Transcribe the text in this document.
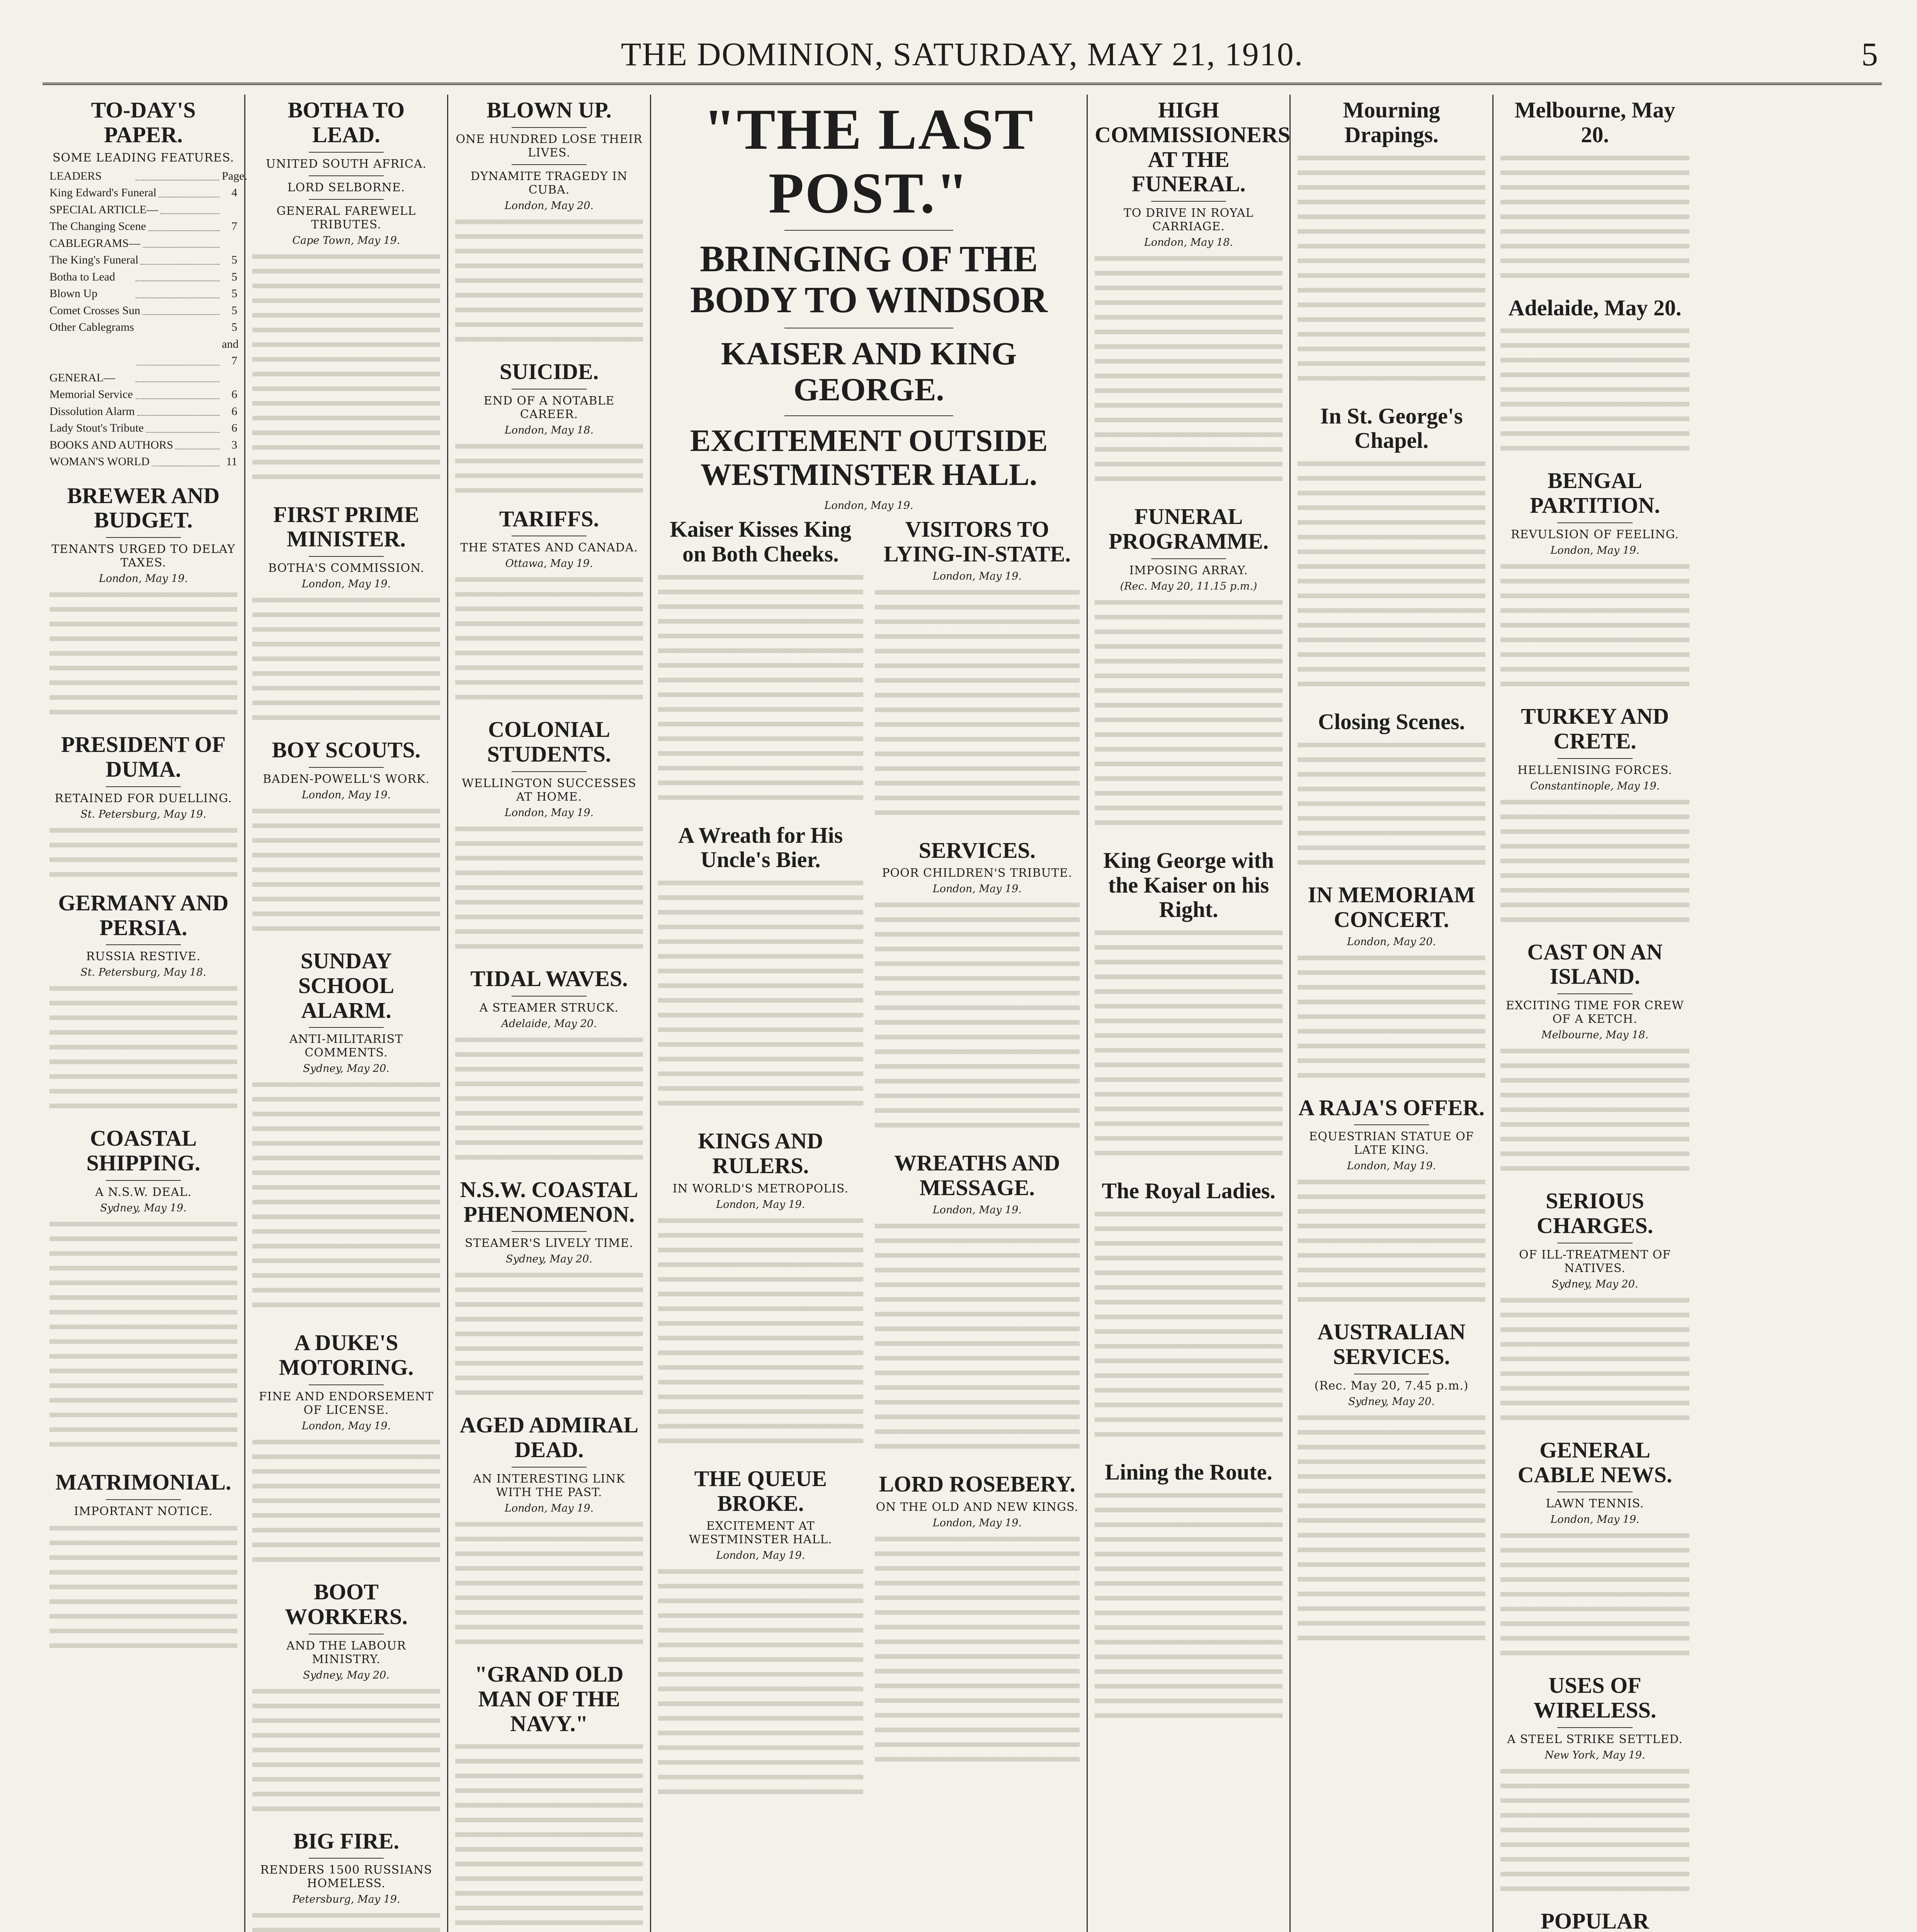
THE DOMINION, SATURDAY, MAY 21, 1910.	5
TO-DAY'S PAPER.
SOME LEADING FEATURES.
LEADERS	Page.
King Edward's Funeral	4
SPECIAL ARTICLE—
The Changing Scene	7
CABLEGRAMS—
The King's Funeral	5
Botha to Lead	5
Blown Up	5
Comet Crosses Sun	5
Other Cablegrams	5 and 7
GENERAL—
Memorial Service	6
Dissolution Alarm	6
Lady Stout's Tribute	6
BOOKS AND AUTHORS	3
WOMAN'S WORLD	11
BREWER AND BUDGET.
TENANTS URGED TO DELAY TAXES.
London, May 19.
PRESIDENT OF DUMA.
RETAINED FOR DUELLING.
St. Petersburg, May 19.
GERMANY AND PERSIA.
RUSSIA RESTIVE.
St. Petersburg, May 18.
COASTAL SHIPPING.
A N.S.W. DEAL.
Sydney, May 19.
MATRIMONIAL.
IMPORTANT NOTICE.
BOTHA TO LEAD.
UNITED SOUTH AFRICA.
LORD SELBORNE.
GENERAL FAREWELL TRIBUTES.
Cape Town, May 19.
FIRST PRIME MINISTER.
BOTHA'S COMMISSION.
London, May 19.
BOY SCOUTS.
BADEN-POWELL'S WORK.
London, May 19.
SUNDAY SCHOOL ALARM.
ANTI-MILITARIST COMMENTS.
Sydney, May 20.
A DUKE'S MOTORING.
FINE AND ENDORSEMENT OF LICENSE.
London, May 19.
BOOT WORKERS.
AND THE LABOUR MINISTRY.
Sydney, May 20.
BIG FIRE.
RENDERS 1500 RUSSIANS HOMELESS.
Petersburg, May 19.
BLOWN UP.
ONE HUNDRED LOSE THEIR LIVES.
DYNAMITE TRAGEDY IN CUBA.
London, May 20.
SUICIDE.
END OF A NOTABLE CAREER.
London, May 18.
TARIFFS.
THE STATES AND CANADA.
Ottawa, May 19.
COLONIAL STUDENTS.
WELLINGTON SUCCESSES AT HOME.
London, May 19.
TIDAL WAVES.
A STEAMER STRUCK.
Adelaide, May 20.
N.S.W. COASTAL PHENOMENON.
STEAMER'S LIVELY TIME.
Sydney, May 20.
AGED ADMIRAL DEAD.
AN INTERESTING LINK WITH THE PAST.
London, May 19.
"GRAND OLD MAN OF THE NAVY."
"THE LAST POST."
BRINGING OF THE BODY TO WINDSOR
KAISER AND KING GEORGE.
EXCITEMENT OUTSIDE WESTMINSTER HALL.
London, May 19.
Kaiser Kisses King on Both Cheeks.
A Wreath for His Uncle's Bier.
KINGS AND RULERS.
IN WORLD'S METROPOLIS.
London, May 19.
THE QUEUE BROKE.
EXCITEMENT AT WESTMINSTER HALL.
London, May 19.
VISITORS TO LYING-IN-STATE.
London, May 19.
SERVICES.
POOR CHILDREN'S TRIBUTE.
London, May 19.
WREATHS AND MESSAGE.
London, May 19.
LORD ROSEBERY.
ON THE OLD AND NEW KINGS.
London, May 19.
HIGH COMMISSIONERS AT THE FUNERAL.
TO DRIVE IN ROYAL CARRIAGE.
London, May 18.
FUNERAL PROGRAMME.
IMPOSING ARRAY.
(Rec. May 20, 11.15 p.m.)
King George with the Kaiser on his Right.
The Royal Ladies.
Lining the Route.
Mourning Drapings.
In St. George's Chapel.
Closing Scenes.
IN MEMORIAM CONCERT.
London, May 20.
A RAJA'S OFFER.
EQUESTRIAN STATUE OF LATE KING.
London, May 19.
AUSTRALIAN SERVICES.
(Rec. May 20, 7.45 p.m.)
Sydney, May 20.
Melbourne, May 20.
Adelaide, May 20.
BENGAL PARTITION.
REVULSION OF FEELING.
London, May 19.
TURKEY AND CRETE.
HELLENISING FORCES.
Constantinople, May 19.
CAST ON AN ISLAND.
EXCITING TIME FOR CREW OF A KETCH.
Melbourne, May 18.
SERIOUS CHARGES.
OF ILL-TREATMENT OF NATIVES.
Sydney, May 20.
GENERAL CABLE NEWS.
LAWN TENNIS.
London, May 19.
USES OF WIRELESS.
A STEEL STRIKE SETTLED.
New York, May 19.
POPULAR
